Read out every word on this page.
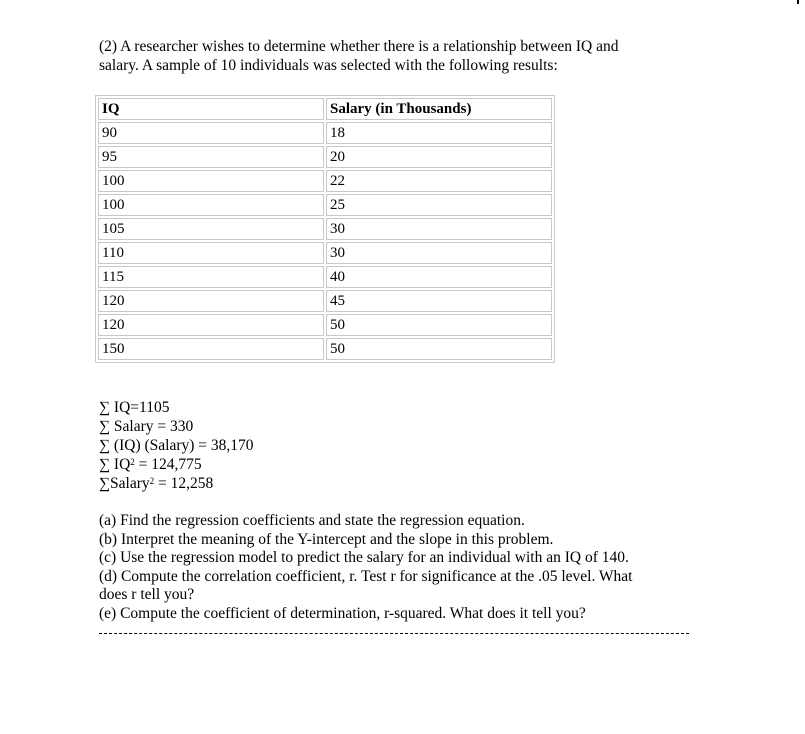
(2) A researcher wishes to determine whether there is a relationship between IQ and
salary. A sample of 10 individuals was selected with the following results:
IQ	Salary (in Thousands)
90	18
95	20
100	22
100	25
105	30
110	30
115	40
120	45
120	50
150	50
∑ IQ=1105
∑ Salary = 330
∑ (IQ) (Salary) = 38,170
∑ $IQ^2 = 124,775$
∑Salary$^2$ = 12,258
(a) Find the regression coefficients and state the regression equation.
(b) Interpret the meaning of the Y-intercept and the slope in this problem.
(c) Use the regression model to predict the salary for an individual with an IQ of 140.
(d) Compute the correlation coefficient, r. Test r for significance at the .05 level. What
does r tell you?
(e) Compute the coefficient of determination, r-squared. What does it tell you?
